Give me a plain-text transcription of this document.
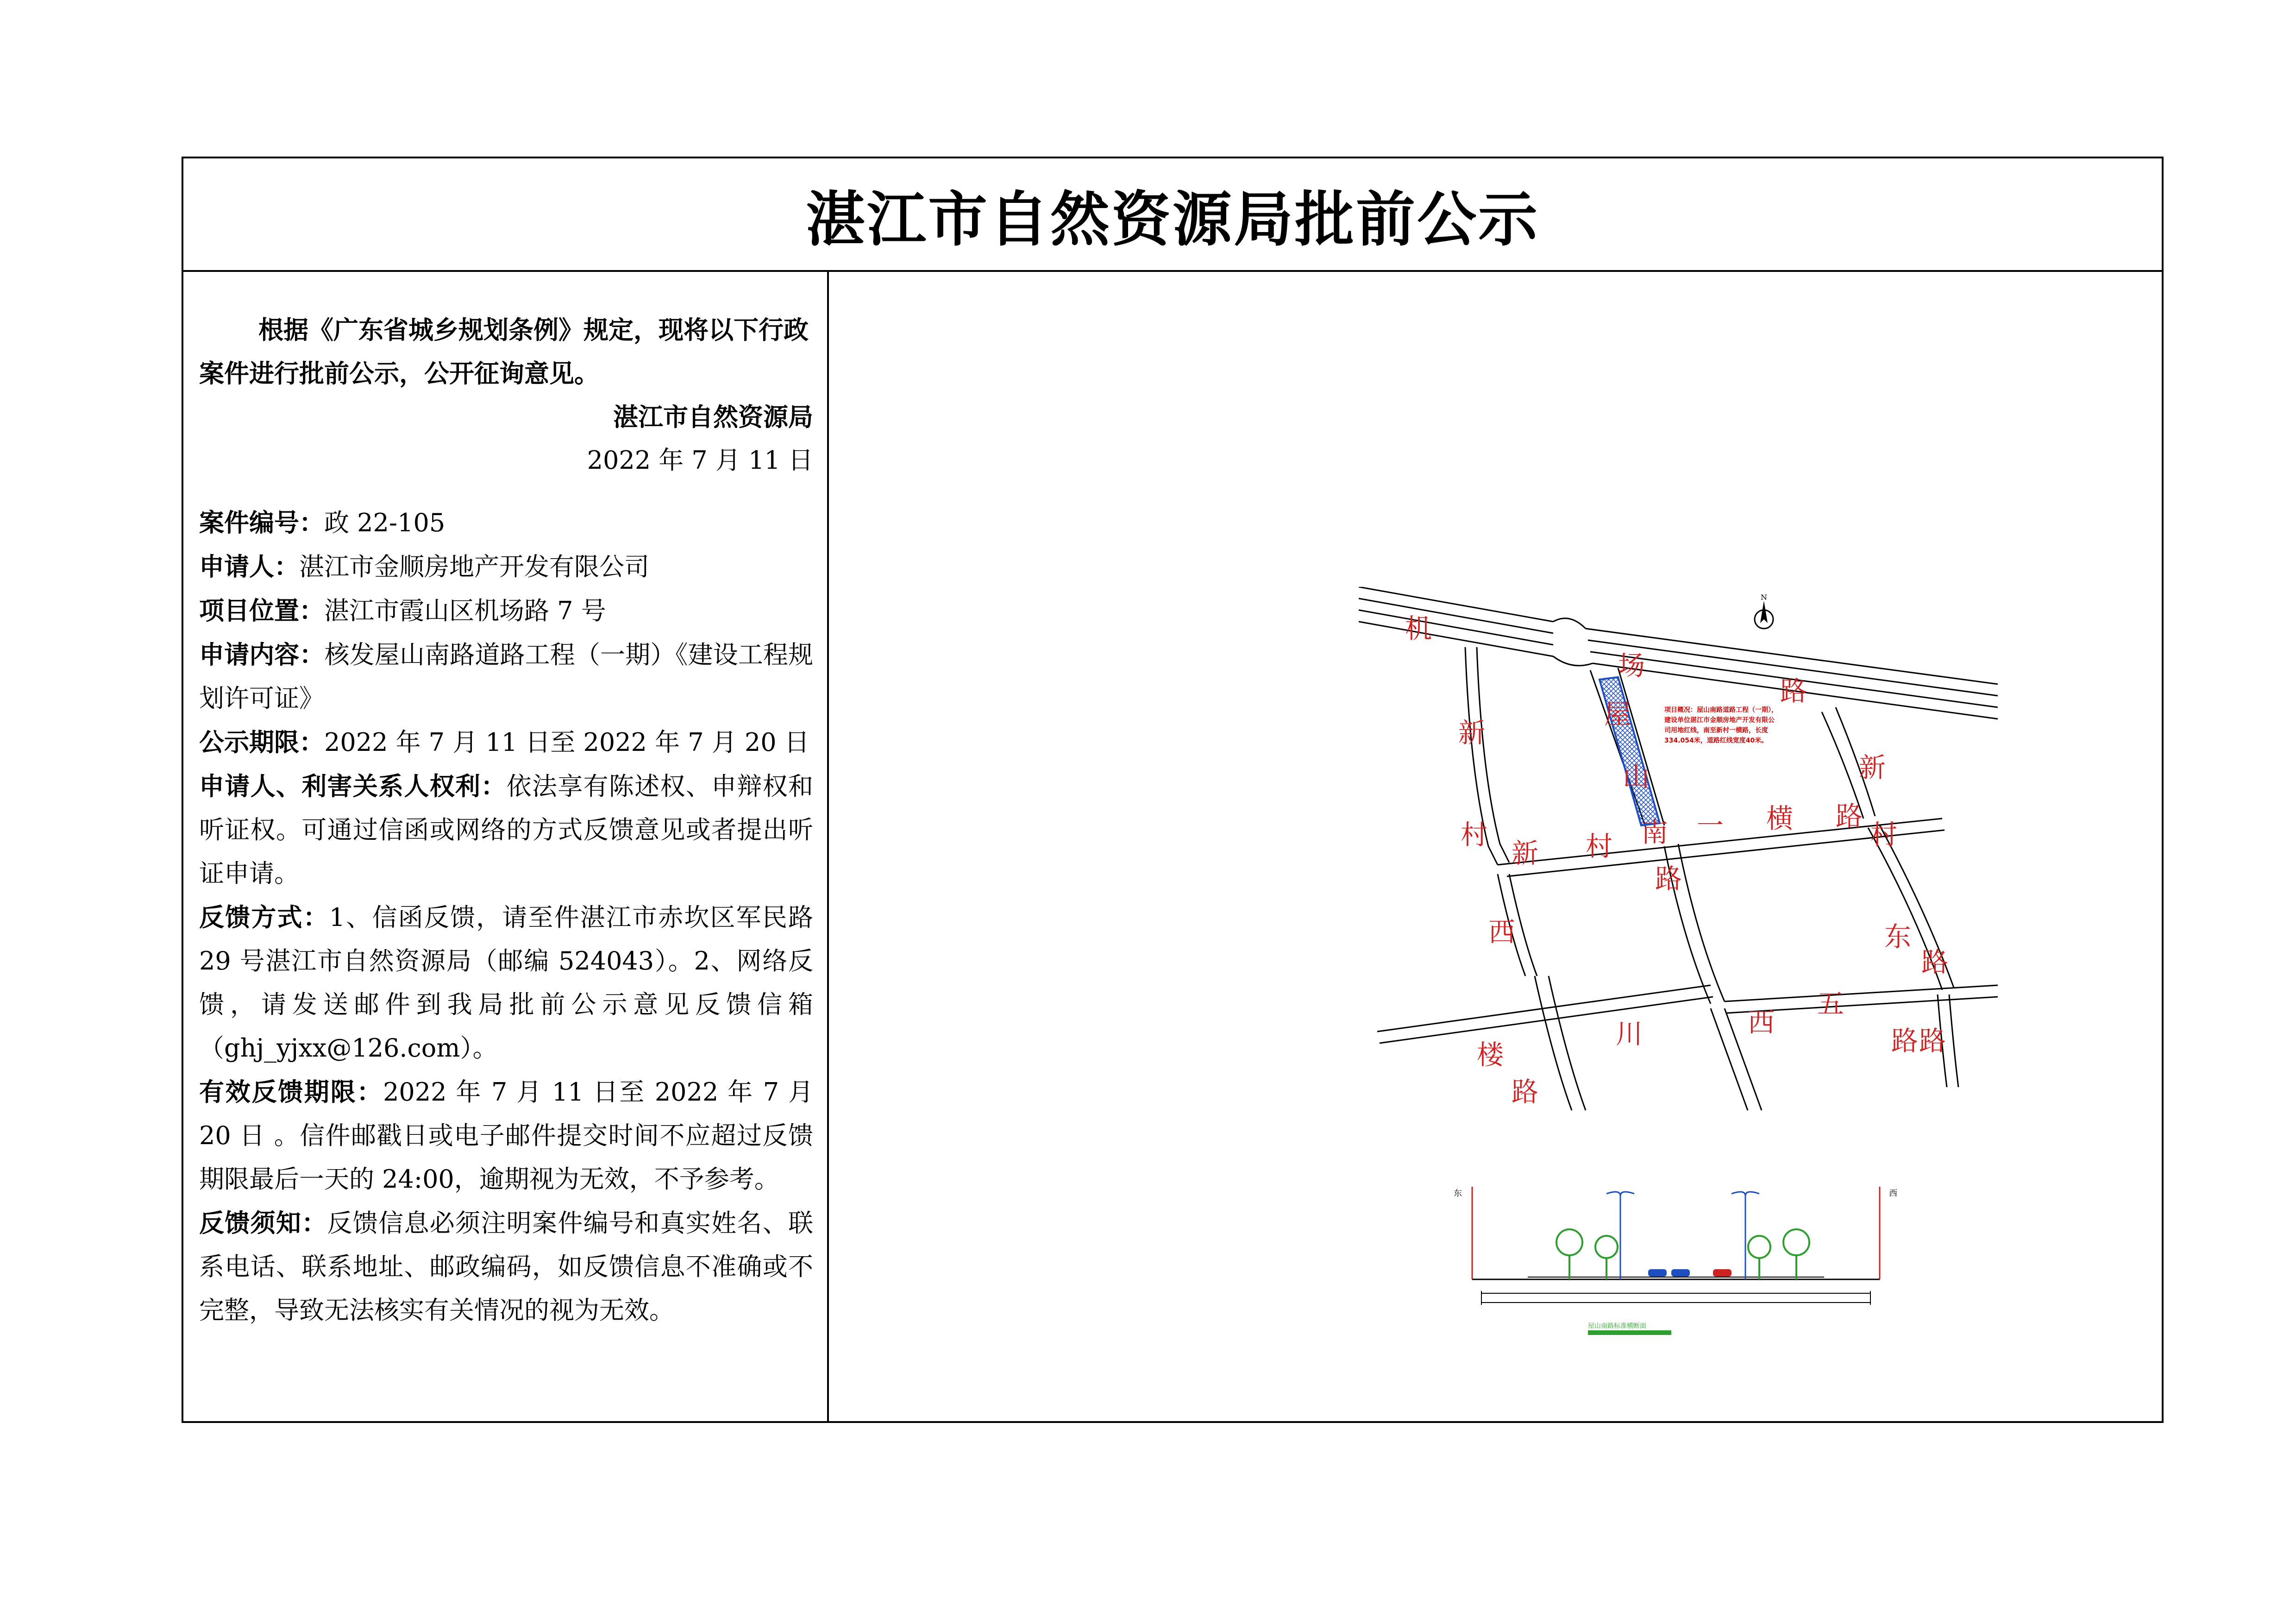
湛江市自然资源局批前公示
根据《广东省城乡规划条例》规定，现将以下行政案件进行批前公示，公开征询意见。
湛江市自然资源局
2022 年 7 月 11 日

案件编号：政 22-105

申请人：湛江市金顺房地产开发有限公司

项目位置：湛江市霞山区机场路 7 号

申请内容：核发屋山南路道路工程（一期）《建设工程规划许可证》

公示期限：2022 年 7 月 11 日至 2022 年 7 月 20 日

申请人、利害关系人权利：依法享有陈述权、申辩权和听证权。可通过信函或网络的方式反馈意见或者提出听证申请。

反馈方式：1、信函反馈，请至件湛江市赤坎区军民路 29 号湛江市自然资源局（邮编 524043）。2、网络反馈，请发送邮件到我局批前公示意见反馈信箱（ghj_yjxx@126.com）。

有效反馈期限：2022 年 7 月 11 日至 2022 年 7 月 20 日 。信件邮戳日或电子邮件提交时间不应超过反馈期限最后一天的 24:00，逾期视为无效，不予参考。

反馈须知：反馈信息必须注明案件编号和真实姓名、联系电话、联系地址、邮政编码，如反馈信息不准确或不完整，导致无法核实有关情况的视为无效。

N
机
场
路
新
村
屋
山
南
新
新 村
一 横 路
村
路
西	东
路
西
五
路
楼
川
路
路
项目概况：屋山南路道路工程（一期），
建设单位湛江市金顺房地产开发有限公
司用地红线，南至新村一横路，长度
334.054米，道路红线宽度40米。
东	西
屋山南路标准横断面
